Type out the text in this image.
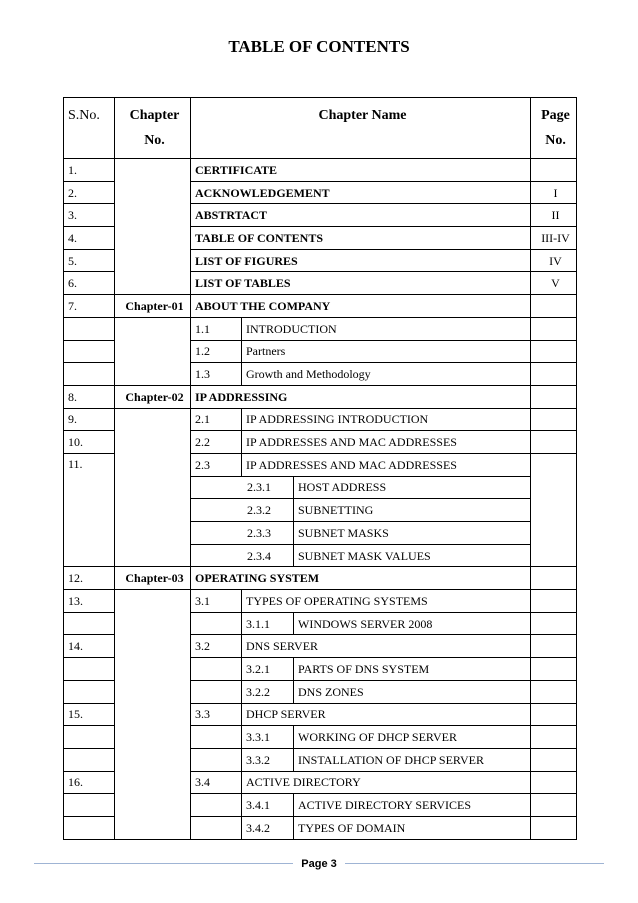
TABLE OF CONTENTS
S.No.	Chapter
No.	Chapter Name			Page
No.
1.		CERTIFICATE			
2.		ACKNOWLEDGEMENT			I
3.		ABSTRTACT			II
4.		TABLE OF CONTENTS			III-IV
5.		LIST OF FIGURES			IV
6.		LIST OF TABLES			V
7.	Chapter-01	ABOUT THE COMPANY			
		1.1	INTRODUCTION		
		1.2	Partners		
		1.3	Growth and Methodology		
8.	Chapter-02	IP ADDRESSING			
9.		2.1	IP ADDRESSING INTRODUCTION		
10.		2.2	IP ADDRESSES AND MAC ADDRESSES		
11.		2.3	IP ADDRESSES AND MAC ADDRESSES		
		2.3.1		HOST ADDRESS	
		2.3.2		SUBNETTING	
		2.3.3		SUBNET MASKS	
		2.3.4		SUBNET MASK VALUES	
12.	Chapter-03	OPERATING SYSTEM			
13.		3.1	TYPES OF OPERATING SYSTEMS		
			3.1.1	WINDOWS SERVER 2008	
14.		3.2	DNS SERVER		
			3.2.1	PARTS OF DNS SYSTEM	
			3.2.2	DNS ZONES	
15.		3.3	DHCP SERVER		
			3.3.1	WORKING OF DHCP SERVER	
			3.3.2	INSTALLATION OF DHCP SERVER	
16.		3.4	ACTIVE DIRECTORY		
			3.4.1	ACTIVE DIRECTORY SERVICES	
			3.4.2	TYPES OF DOMAIN	
Page 3
